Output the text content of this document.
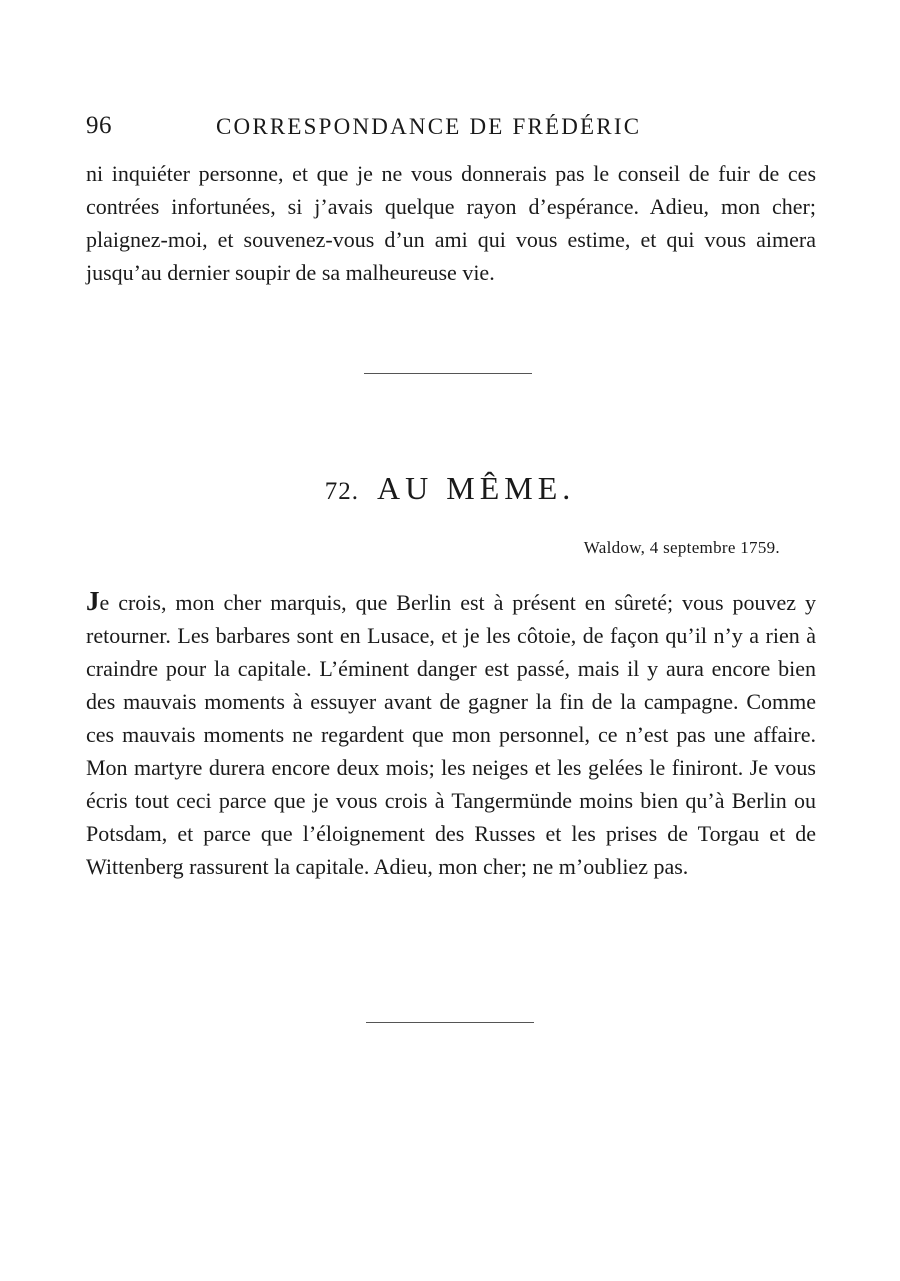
96	CORRESPONDANCE DE FRÉDÉRIC

ni inquiéter personne, et que je ne vous donnerais pas le conseil de fuir de ces contrées infortunées, si j’avais quelque rayon d’espérance. Adieu, mon cher; plaignez-moi, et souvenez-vous d’un ami qui vous estime, et qui vous aimera jusqu’au dernier soupir de sa malheureuse vie.

72. AU MÊME.
Waldow, 4 septembre 1759.

Je crois, mon cher marquis, que Berlin est à présent en sûreté; vous pouvez y retourner. Les barbares sont en Lusace, et je les côtoie, de façon qu’il n’y a rien à craindre pour la capitale. L’éminent danger est passé, mais il y aura encore bien des mauvais moments à essuyer avant de gagner la fin de la campagne. Comme ces mauvais moments ne regardent que mon personnel, ce n’est pas une affaire. Mon martyre durera encore deux mois; les neiges et les gelées le finiront. Je vous écris tout ceci parce que je vous crois à Tangermünde moins bien qu’à Berlin ou Potsdam, et parce que l’éloignement des Russes et les prises de Torgau et de Wittenberg rassurent la capitale. Adieu, mon cher; ne m’oubliez pas.
